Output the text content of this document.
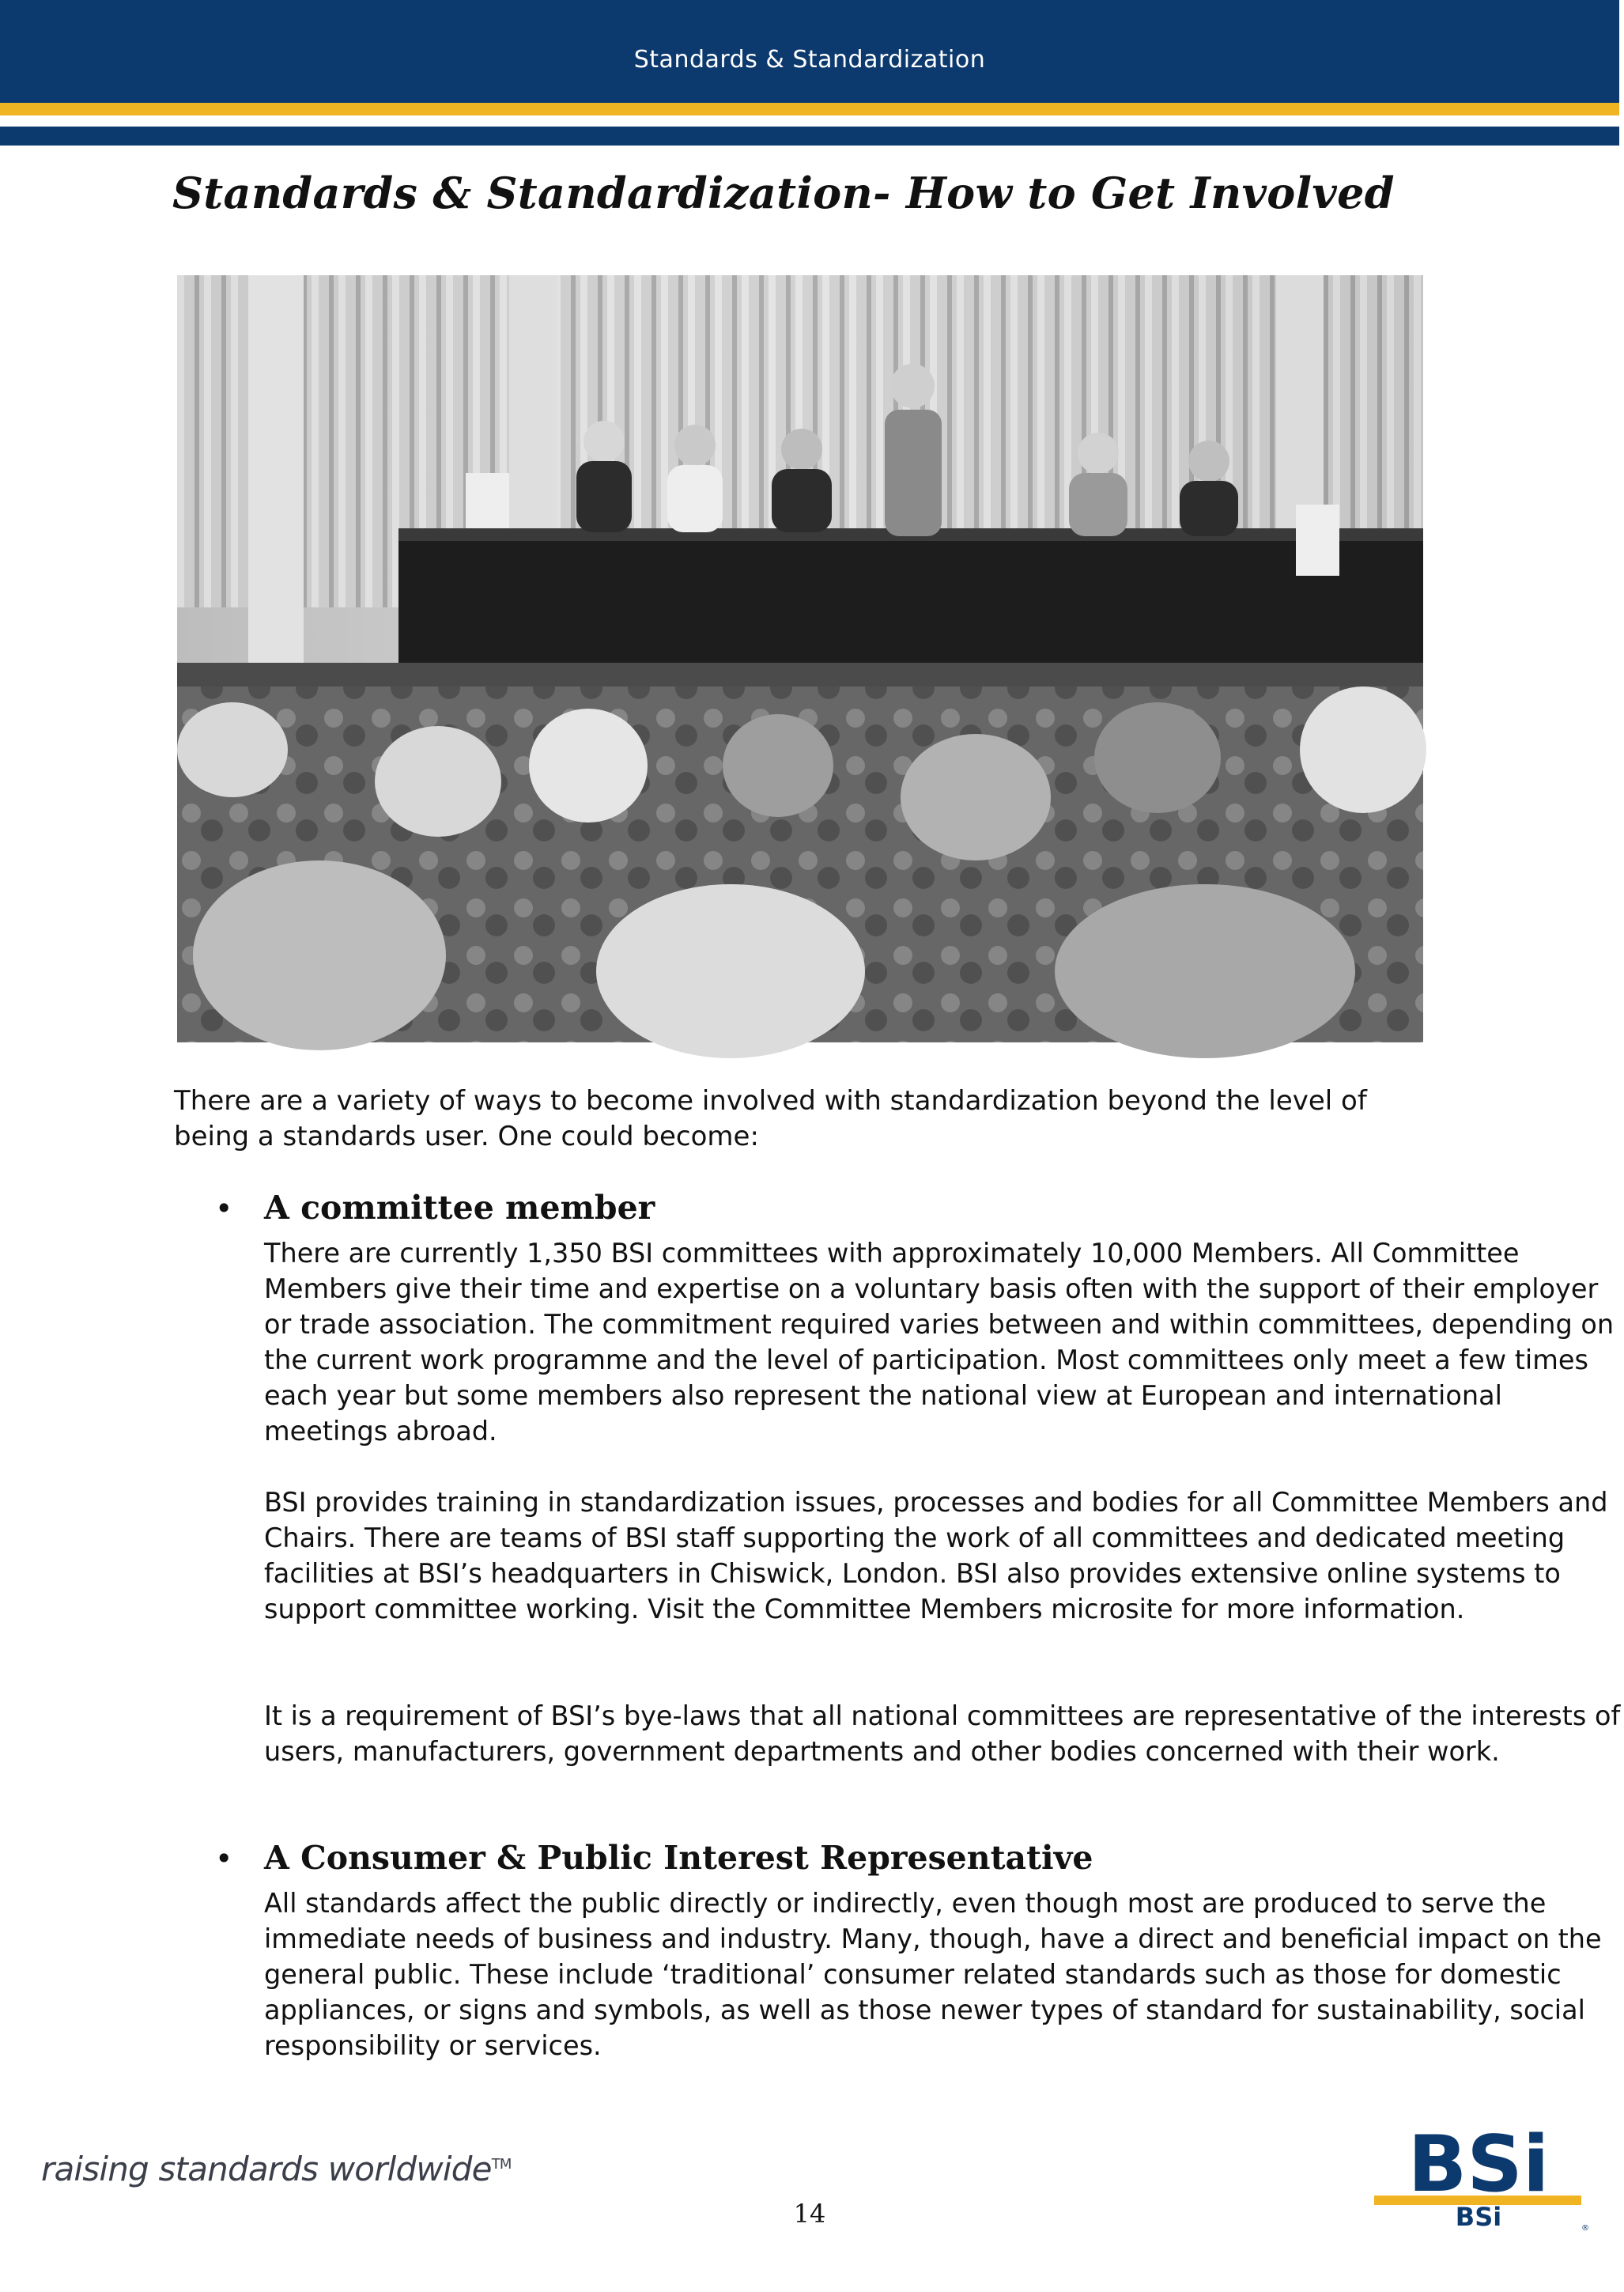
Standards & Standardization
Standards & Standardization- How to Get Involved

There are a variety of ways to become involved with standardization beyond the level of being a standards user. One could become:

• A committee member

There are currently 1,350 BSI committees with approximately 10,000 Members. All Committee Members give their time and expertise on a voluntary basis often with the support of their employer or trade association. The commitment required varies between and within committees, depending on the current work programme and the level of participation. Most committees only meet a few times each year but some members also represent the national view at European and international meetings abroad.

BSI provides training in standardization issues, processes and bodies for all Committee Members and Chairs. There are teams of BSI staff supporting the work of all committees and dedicated meeting facilities at BSI’s headquarters in Chiswick, London. BSI also provides extensive online systems to support committee working. Visit the Committee Members microsite for more information.

It is a requirement of BSI’s bye-laws that all national committees are representative of the interests of users, manufacturers, government departments and other bodies concerned with their work.

• A Consumer & Public Interest Representative

All standards affect the public directly or indirectly, even though most are produced to serve the immediate needs of business and industry. Many, though, have a direct and beneficial impact on the general public. These include ‘traditional’ consumer related standards such as those for domestic appliances, or signs and symbols, as well as those newer types of standard for sustainability, social responsibility or services.

raising standards worldwide™
14
BSi
BSi	®
